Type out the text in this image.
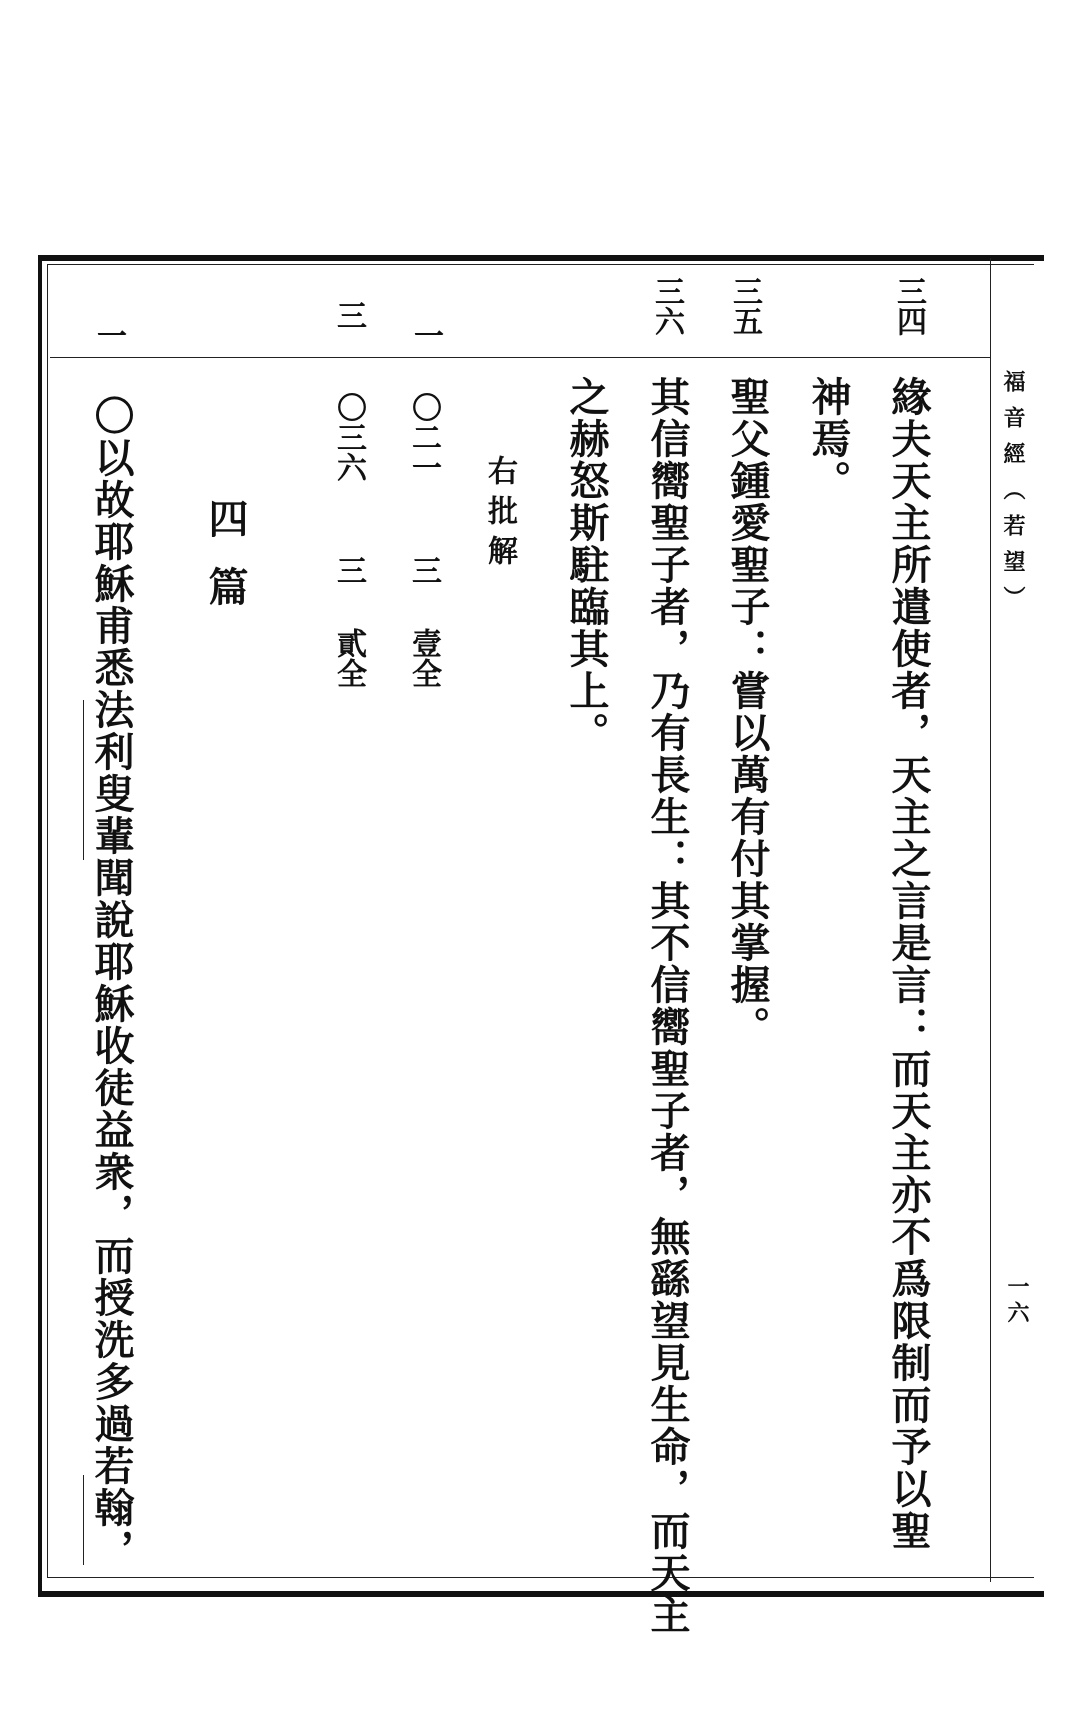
福音經（若望）
一六
三四
緣夫天主所遣使者，天主之言是言：而天主亦不爲限制而予以聖
神焉。
三五
聖父鍾愛聖子：嘗以萬有付其掌握。
三六
其信嚮聖子者，乃有長生：其不信嚮聖子者，無繇望見生命，而天主
之赫怒斯駐臨其上。
右批解
一
〇二一
三
壹全
三
〇三六
三
貳全
四篇
一
〇以故耶穌甫悉法利叟輩聞說耶穌收徒益衆，而授洗多過若翰，
